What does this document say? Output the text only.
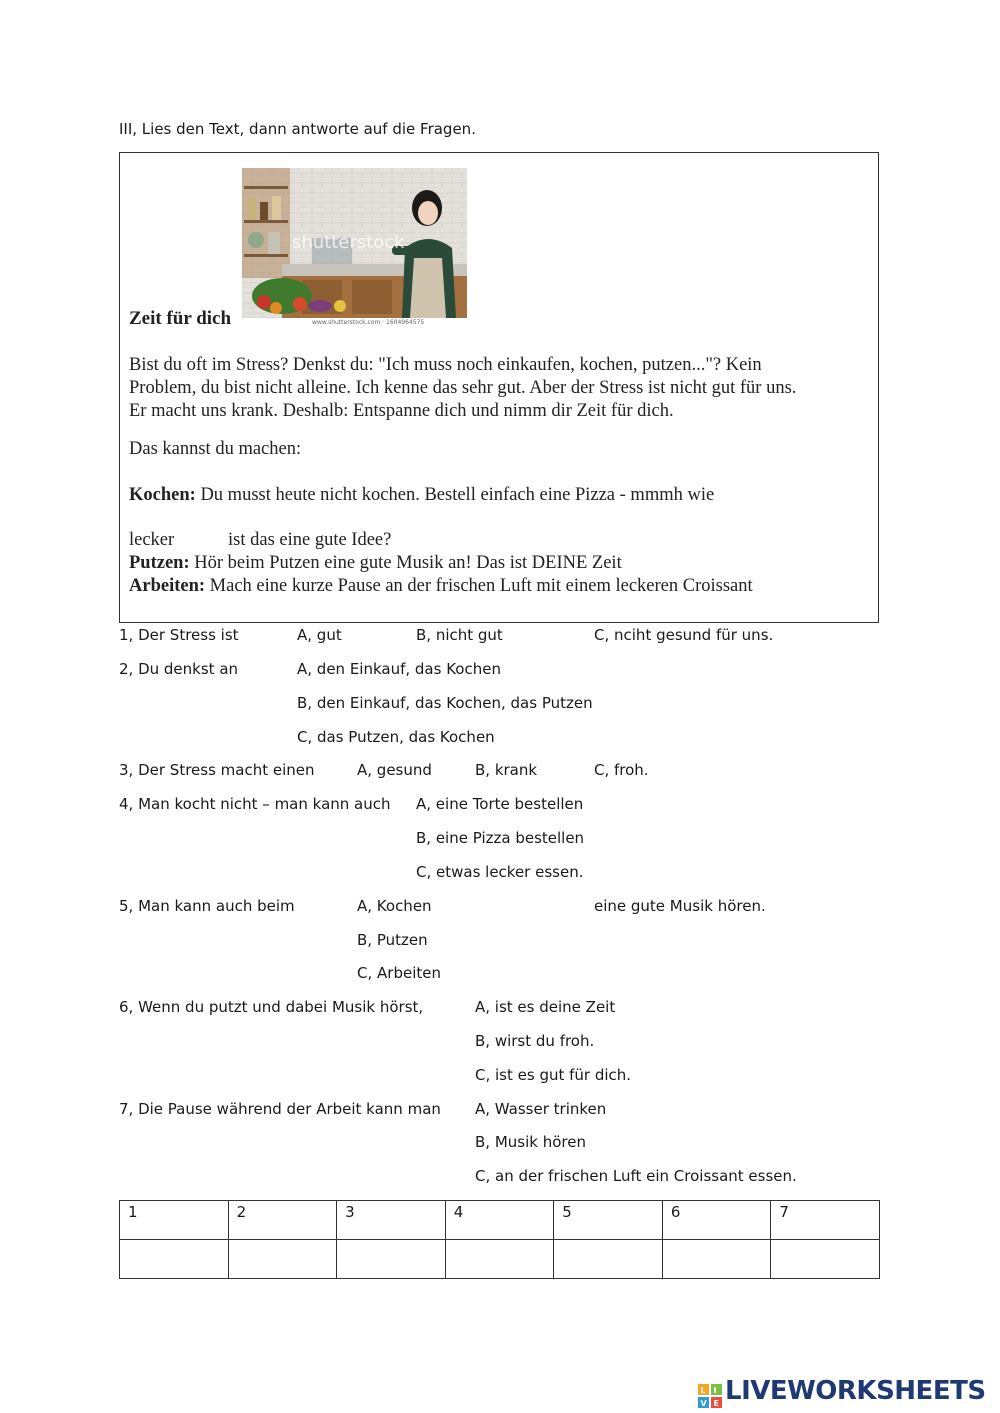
III, Lies den Text, dann antworte auf die Fragen.
shutterstock
www.shutterstock.com · 1604964575
Zeit für dich
Bist du oft im Stress? Denkst du: "Ich muss noch einkaufen, kochen, putzen..."? Kein
Problem, du bist nicht alleine. Ich kenne das sehr gut. Aber der Stress ist nicht gut für uns.
Er macht uns krank. Deshalb: Entspanne dich und nimm dir Zeit für dich.
Das kannst du machen:
Kochen: Du musst heute nicht kochen. Bestell einfach eine Pizza - mmmh wie
lecker	ist das eine gute Idee?
Putzen: Hör beim Putzen eine gute Musik an! Das ist DEINE Zeit
Arbeiten: Mach eine kurze Pause an der frischen Luft mit einem leckeren Croissant
1, Der Stress ist	A, gut	B, nicht gut	C, nciht gesund für uns.
2, Du denkst an	A, den Einkauf, das Kochen
B, den Einkauf, das Kochen, das Putzen
C, das Putzen, das Kochen
3, Der Stress macht einen	A, gesund	B, krank	C, froh.
4, Man kocht nicht – man kann auch A, eine Torte bestellen
B, eine Pizza bestellen
C, etwas lecker essen.
5, Man kann auch beim	A, Kochen	eine gute Musik hören.
B, Putzen
C, Arbeiten
6, Wenn du putzt und dabei Musik hörst,	A, ist es deine Zeit
B, wirst du froh.
C, ist es gut für dich.
7, Die Pause während der Arbeit kann man A, Wasser trinken
B, Musik hören
C, an der frischen Luft ein Croissant essen.
1	2	3	4	5	6	7

L I
V E LIVEWORKSHEETS
